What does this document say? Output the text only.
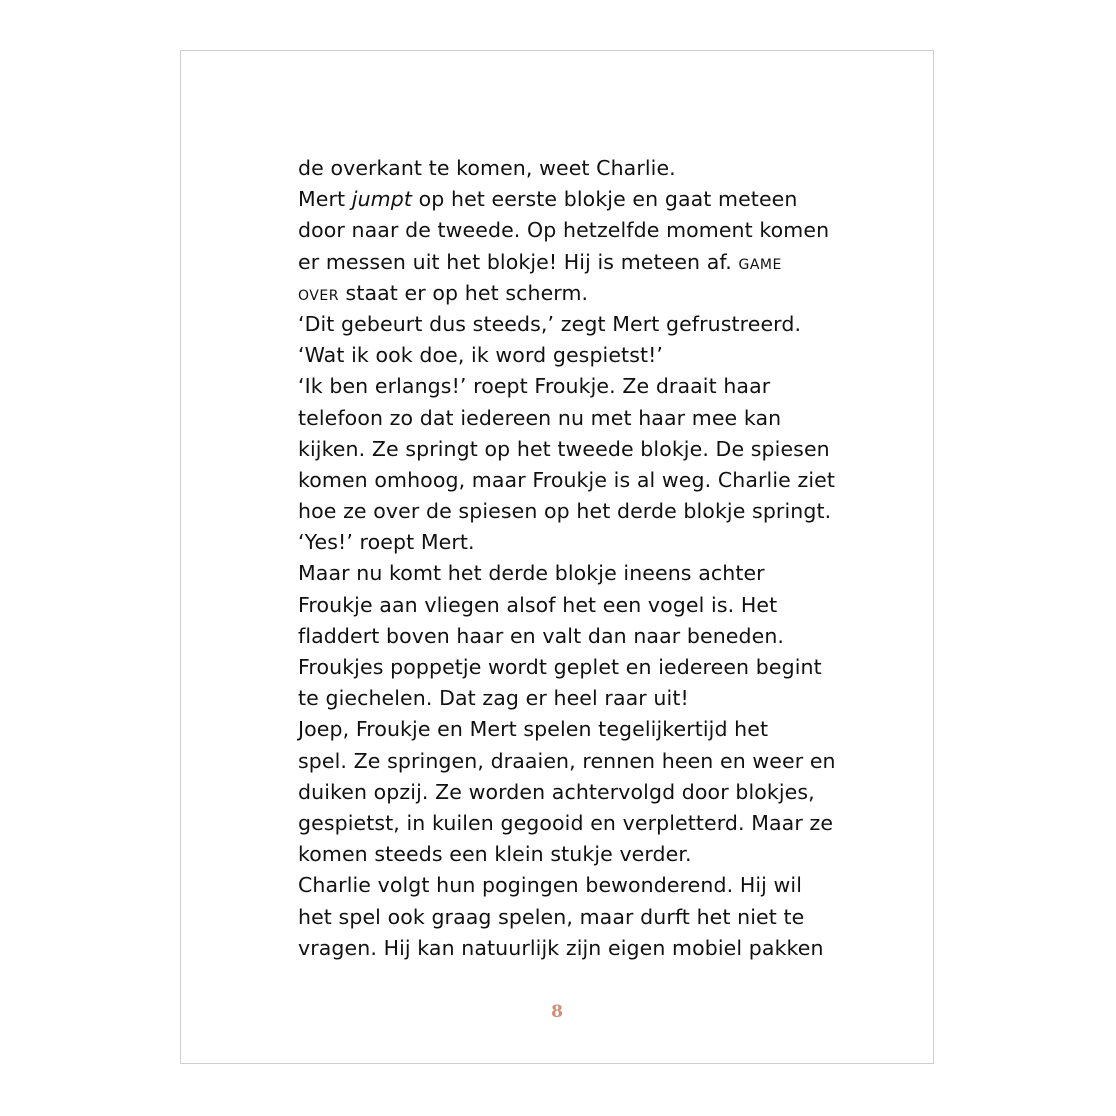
de overkant te komen, weet Charlie.
Mert jumpt op het eerste blokje en gaat meteen
door naar de tweede. Op hetzelfde moment komen
er messen uit het blokje! Hij is meteen af. game
over staat er op het scherm.
‘Dit gebeurt dus steeds,’ zegt Mert gefrustreerd.
‘Wat ik ook doe, ik word gespietst!’
‘Ik ben erlangs!’ roept Froukje. Ze draait haar
telefoon zo dat iedereen nu met haar mee kan
kijken. Ze springt op het tweede blokje. De spiesen
komen omhoog, maar Froukje is al weg. Charlie ziet
hoe ze over de spiesen op het derde blokje springt.
‘Yes!’ roept Mert.
Maar nu komt het derde blokje ineens achter
Froukje aan vliegen alsof het een vogel is. Het
fladdert boven haar en valt dan naar beneden.
Froukjes poppetje wordt geplet en iedereen begint
te giechelen. Dat zag er heel raar uit!
Joep, Froukje en Mert spelen tegelijkertijd het
spel. Ze springen, draaien, rennen heen en weer en
duiken opzij. Ze worden achtervolgd door blokjes,
gespietst, in kuilen gegooid en verpletterd. Maar ze
komen steeds een klein stukje verder.
Charlie volgt hun pogingen bewonderend. Hij wil
het spel ook graag spelen, maar durft het niet te
vragen. Hij kan natuurlijk zijn eigen mobiel pakken
8
